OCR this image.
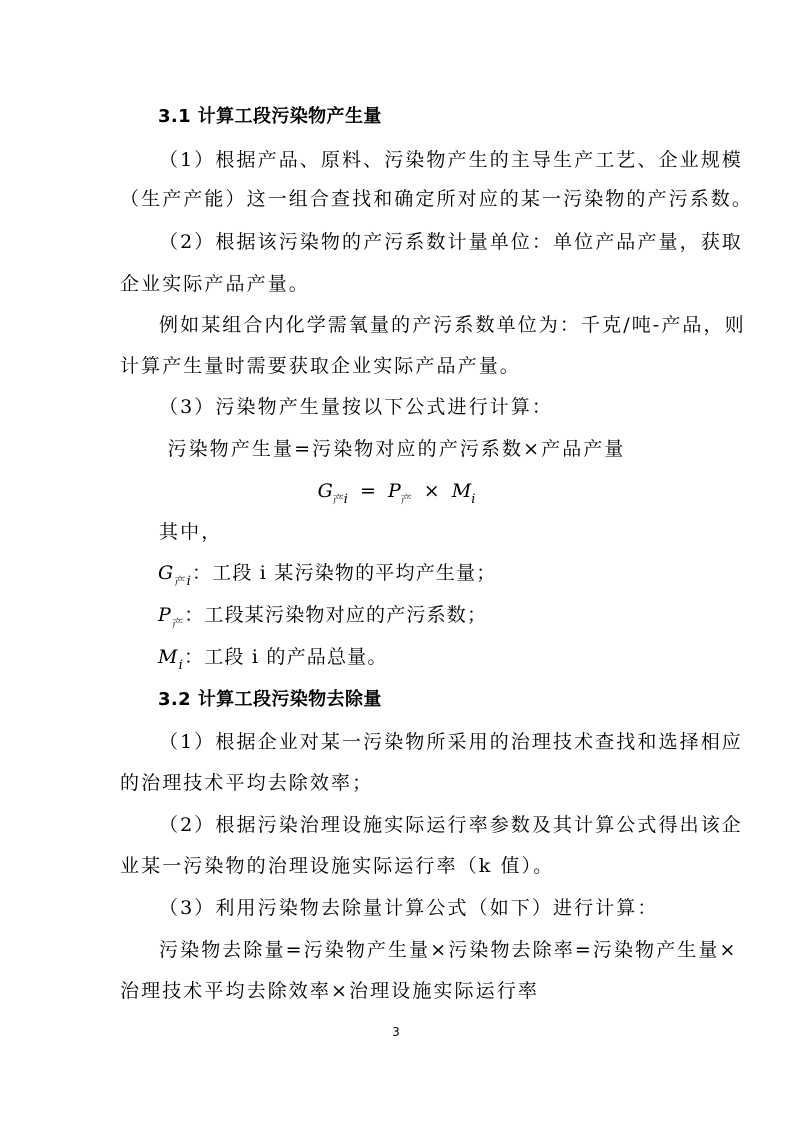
3.1 计算工段污染物产生量
（1）根据产品、原料、污染物产生的主导生产工艺、企业规模
（生产产能）这一组合查找和确定所对应的某一污染物的产污系数。
（2）根据该污染物的产污系数计量单位：单位产品产量，获取
企业实际产品产量。
例如某组合内化学需氧量的产污系数单位为：千克/吨-产品，则
计算产生量时需要获取企业实际产品产量。
（3）污染物产生量按以下公式进行计算：
污染物产生量=污染物对应的产污系数×产品产量
$G_{产i} = P_产 \times M_i$
其中，
$G_{产i}$：工段 i 某污染物的平均产生量；
$P_产$：工段某污染物对应的产污系数；
$M_i$：工段 i 的产品总量。
3.2 计算工段污染物去除量
（1）根据企业对某一污染物所采用的治理技术查找和选择相应
的治理技术平均去除效率；
（2）根据污染治理设施实际运行率参数及其计算公式得出该企
业某一污染物的治理设施实际运行率（k 值）。
（3）利用污染物去除量计算公式（如下）进行计算：
污染物去除量=污染物产生量×污染物去除率=污染物产生量×
治理技术平均去除效率×治理设施实际运行率
3
